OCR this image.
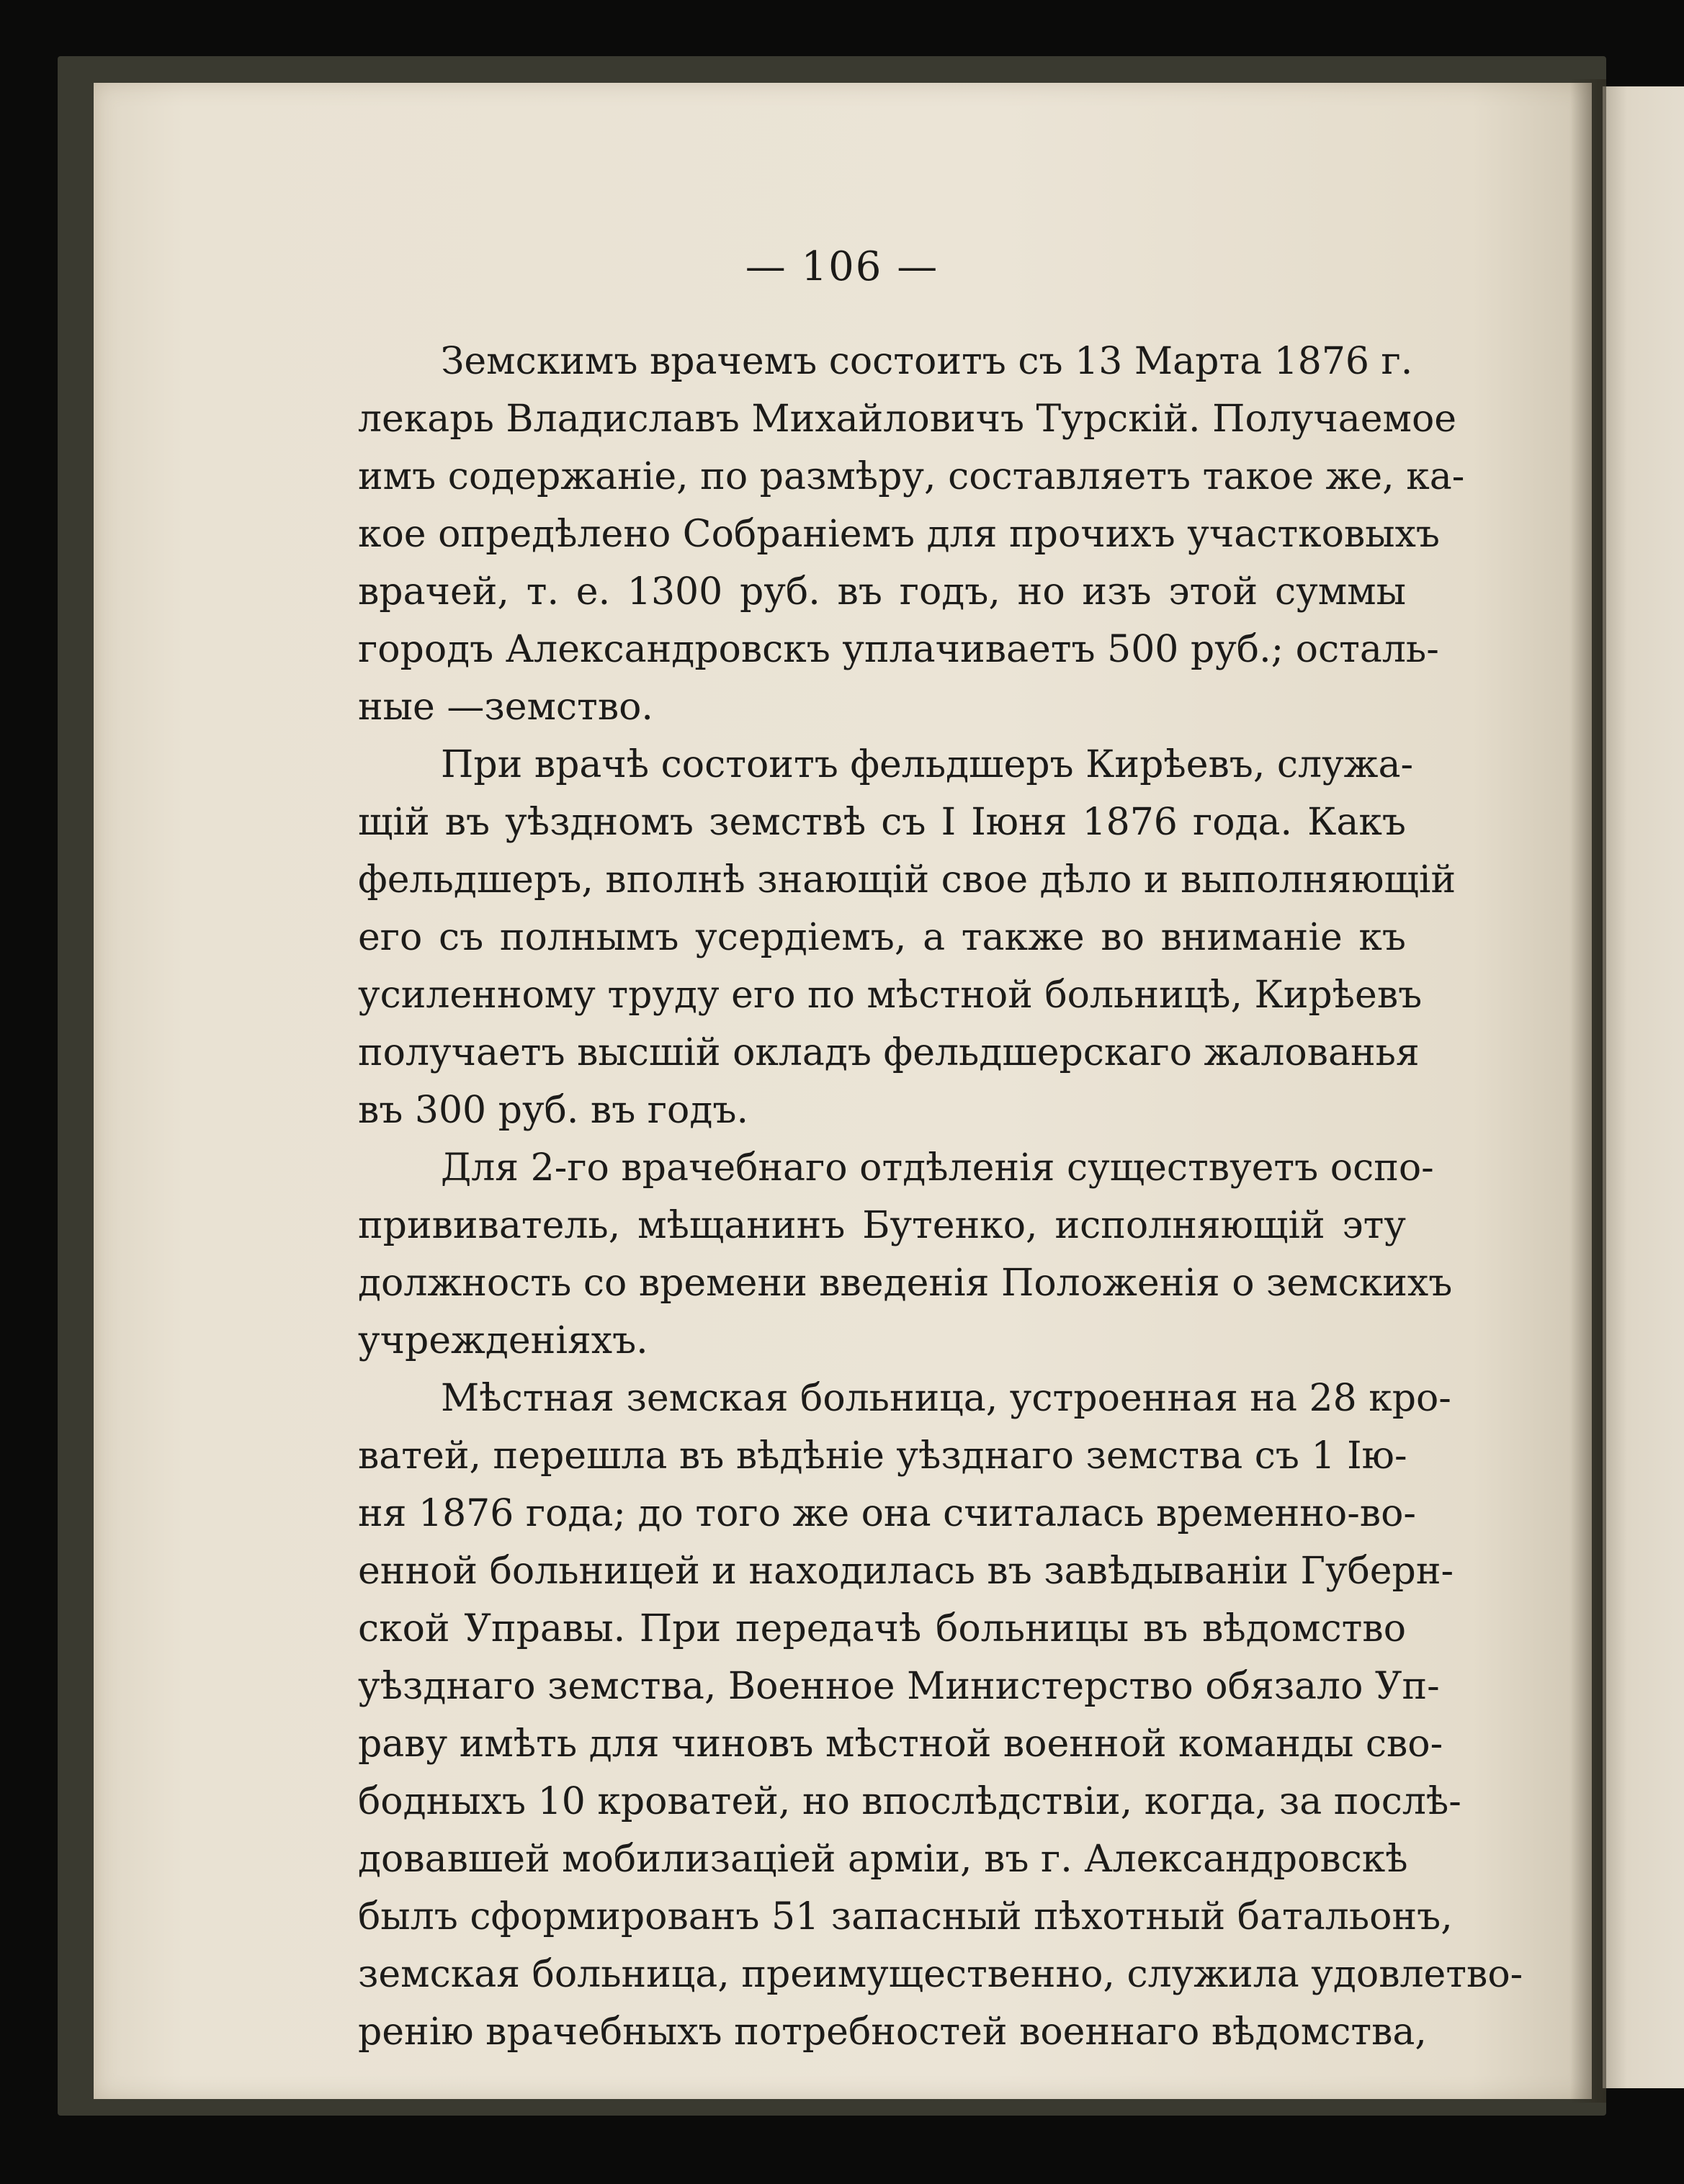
— 106 —
Земскимъ врачемъ состоитъ съ 13 Марта 1876 г.
лекарь Владиславъ Михайловичъ Турскій. Получаемое
имъ содержаніе, по размѣру, составляетъ такое же, ка-
кое опредѣлено Собраніемъ для прочихъ участковыхъ
врачей, т. е. 1300 руб. въ годъ, но изъ этой суммы
городъ Александровскъ уплачиваетъ 500 руб.; осталь-
ные —земство.
При врачѣ состоитъ фельдшеръ Кирѣевъ, служа-
щій въ уѣздномъ земствѣ съ I Іюня 1876 года. Какъ
фельдшеръ, вполнѣ знающій свое дѣло и выполняющій
его съ полнымъ усердіемъ, а также во вниманіе къ
усиленному труду его по мѣстной больницѣ, Кирѣевъ
получаетъ высшій окладъ фельдшерскаго жалованья
въ 300 руб. въ годъ.
Для 2-го врачебнаго отдѣленія существуетъ оспо-
прививатель, мѣщанинъ Бутенко, исполняющій эту
должность со времени введенія Положенія о земскихъ
учрежденіяхъ.
Мѣстная земская больница, устроенная на 28 кро-
ватей, перешла въ вѣдѣніе уѣзднаго земства съ 1 Ію-
ня 1876 года; до того же она считалась временно-во-
енной больницей и находилась въ завѣдываніи Губерн-
ской Управы. При передачѣ больницы въ вѣдомство
уѣзднаго земства, Военное Министерство обязало Уп-
раву имѣть для чиновъ мѣстной военной команды сво-
бодныхъ 10 кроватей, но впослѣдствіи, когда, за послѣ-
довавшей мобилизаціей арміи, въ г. Александровскѣ
былъ сформированъ 51 запасный пѣхотный батальонъ,
земская больница, преимущественно, служила удовлетво-
ренію врачебныхъ потребностей военнаго вѣдомства,
